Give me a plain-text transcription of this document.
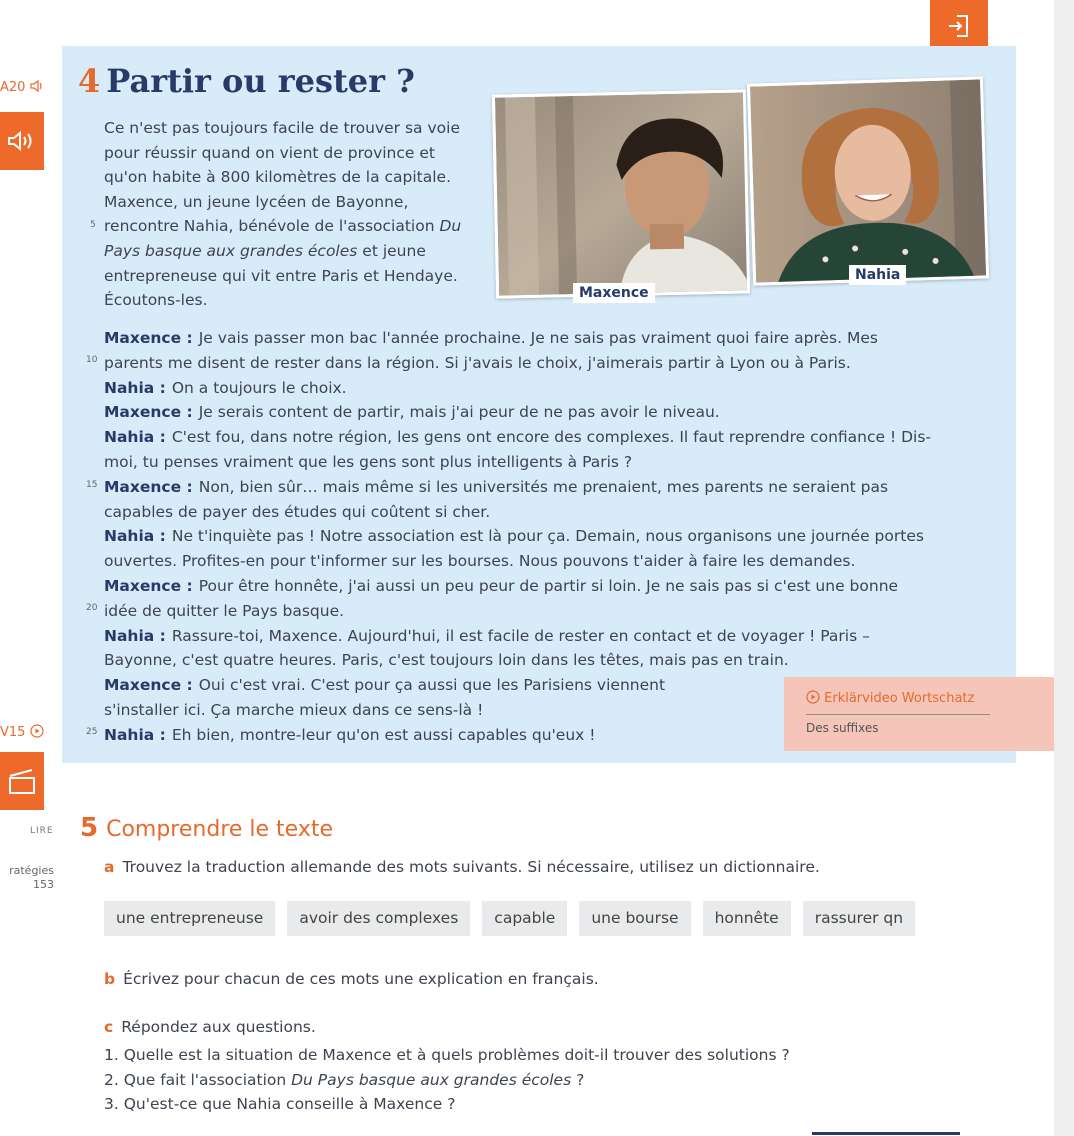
A20
V15
LIRE
ratégies
153
4 Partir ou rester ?
Ce n'est pas toujours facile de trouver sa voie pour réussir quand on vient de province et qu'on habite à 800 kilomètres de la capitale. Maxence, un jeune lycéen de Bayonne, rencontre Nahia, bénévole de l'association Du Pays basque aux grandes écoles et jeune entrepreneuse qui vit entre Paris et Hendaye. Écoutons-les.	Maxence
Nahia
5
10
15
20
25
Maxence : Je vais passer mon bac l'année prochaine. Je ne sais pas vraiment quoi faire après. Mes parents me disent de rester dans la région. Si j'avais le choix, j'aimerais partir à Lyon ou à Paris.
Nahia : On a toujours le choix.
Maxence : Je serais content de partir, mais j'ai peur de ne pas avoir le niveau.
Nahia : C'est fou, dans notre région, les gens ont encore des complexes. Il faut reprendre confiance ! Dis-moi, tu penses vraiment que les gens sont plus intelligents à Paris ?
Maxence : Non, bien sûr… mais même si les universités me prenaient, mes parents ne seraient pas capables de payer des études qui coûtent si cher.
Nahia : Ne t'inquiète pas ! Notre association est là pour ça. Demain, nous organisons une journée portes ouvertes. Profites-en pour t'informer sur les bourses. Nous pouvons t'aider à faire les demandes.
Maxence : Pour être honnête, j'ai aussi un peu peur de partir si loin. Je ne sais pas si c'est une bonne idée de quitter le Pays basque.
Nahia : Rassure-toi, Maxence. Aujourd'hui, il est facile de rester en contact et de voyager ! Paris – Bayonne, c'est quatre heures. Paris, c'est toujours loin dans les têtes, mais pas en train.
Maxence : Oui c'est vrai. C'est pour ça aussi que les Parisiens viennent s'installer ici. Ça marche mieux dans ce sens-là !
Nahia : Eh bien, montre-leur qu'on est aussi capables qu'eux !
Erklärvideo Wortschatz
Des suffixes
5 Comprendre le texte
a Trouvez la traduction allemande des mots suivants. Si nécessaire, utilisez un dictionnaire.
une entrepreneuse	avoir des complexes	capable	une bourse	honnête	rassurer qn
b Écrivez pour chacun de ces mots une explication en français.
c Répondez aux questions.
1. Quelle est la situation de Maxence et à quels problèmes doit-il trouver des solutions ?
2. Que fait l'association Du Pays basque aux grandes écoles ?
3. Qu'est-ce que Nahia conseille à Maxence ?
